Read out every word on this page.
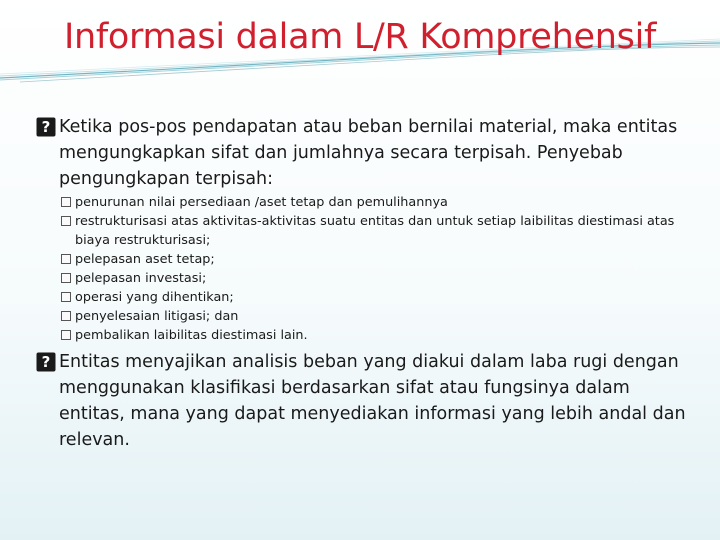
Informasi dalam L/R Komprehensif

? Ketika pos-pos pendapatan atau beban bernilai material, maka entitas mengungkapkan sifat dan jumlahnya secara terpisah. Penyebab pengungkapan terpisah:

penurunan nilai persediaan /aset tetap dan pemulihannya
restrukturisasi atas aktivitas-aktivitas suatu entitas dan untuk setiap laibilitas diestimasi atas biaya restrukturisasi;
pelepasan aset tetap;
pelepasan investasi;
operasi yang dihentikan;
penyelesaian litigasi; dan
pembalikan laibilitas diestimasi lain.

? Entitas menyajikan analisis beban yang diakui dalam laba rugi dengan menggunakan klasifikasi berdasarkan sifat atau fungsinya dalam entitas, mana yang dapat menyediakan informasi yang lebih andal dan relevan.
